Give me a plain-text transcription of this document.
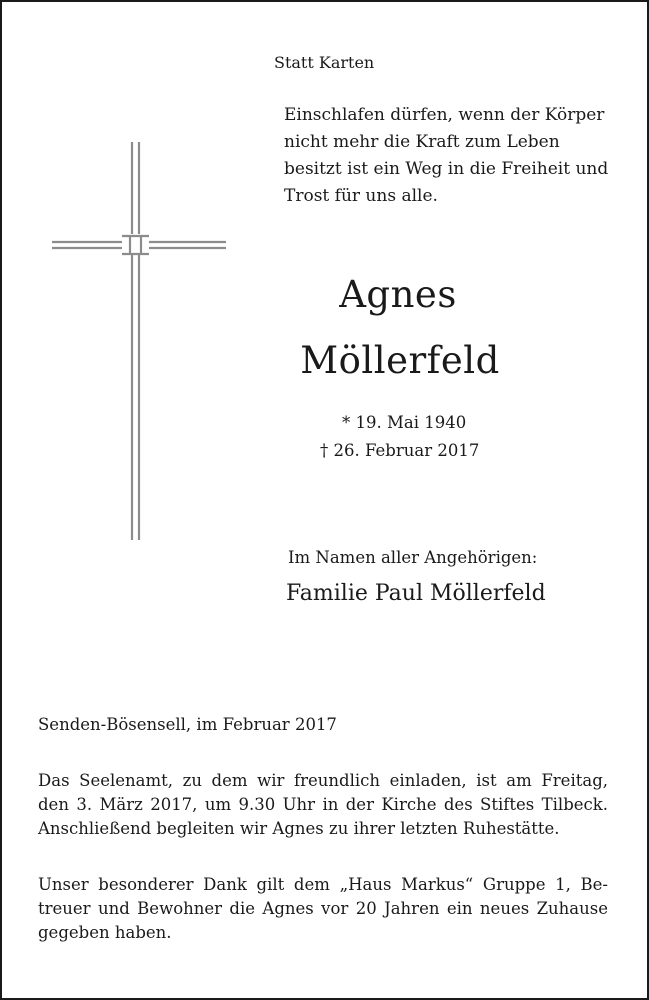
Statt Karten
Einschlafen dürfen, wenn der Körper
nicht mehr die Kraft zum Leben
besitzt ist ein Weg in die Freiheit und
Trost für uns alle.
Agnes
Möllerfeld
* 19. Mai 1940
† 26. Februar 2017
Im Namen aller Angehörigen:
Familie Paul Möllerfeld
Senden-Bösensell, im Februar 2017
Das Seelenamt, zu dem wir freundlich einladen, ist am Freitag,
den 3. März 2017, um 9.30 Uhr in der Kirche des Stiftes Tilbeck.
Anschließend begleiten wir Agnes zu ihrer letzten Ruhestätte.
Unser besonderer Dank gilt dem „Haus Markus“ Gruppe 1, Be-
treuer und Bewohner die Agnes vor 20 Jahren ein neues Zuhause
gegeben haben.
